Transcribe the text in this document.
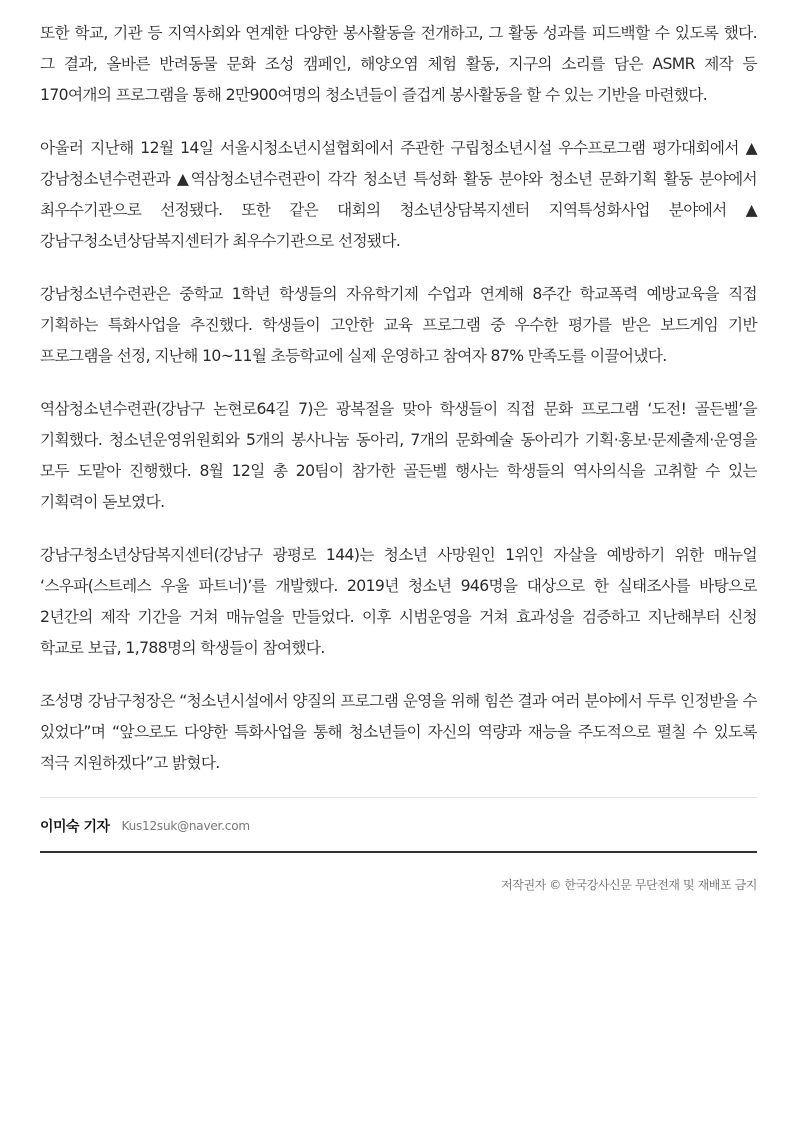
또한 학교, 기관 등 지역사회와 연계한 다양한 봉사활동을 전개하고, 그 활동 성과를 피드백할 수 있도록 했다. 그 결과, 올바른 반려동물 문화 조성 캠페인, 해양오염 체험 활동, 지구의 소리를 담은 ASMR 제작 등 170여개의 프로그램을 통해 2만900여명의 청소년들이 즐겁게 봉사활동을 할 수 있는 기반을 마련했다.

아울러 지난해 12월 14일 서울시청소년시설협회에서 주관한 구립청소년시설 우수프로그램 평가대회에서 ▲강남청소년수련관과 ▲역삼청소년수련관이 각각 청소년 특성화 활동 분야와 청소년 문화기획 활동 분야에서 최우수기관으로 선정됐다. 또한 같은 대회의 청소년상담복지센터 지역특성화사업 분야에서 ▲강남구청소년상담복지센터가 최우수기관으로 선정됐다.

강남청소년수련관은 중학교 1학년 학생들의 자유학기제 수업과 연계해 8주간 학교폭력 예방교육을 직접 기획하는 특화사업을 추진했다. 학생들이 고안한 교육 프로그램 중 우수한 평가를 받은 보드게임 기반 프로그램을 선정, 지난해 10~11월 초등학교에 실제 운영하고 참여자 87% 만족도를 이끌어냈다.

역삼청소년수련관(강남구 논현로64길 7)은 광복절을 맞아 학생들이 직접 문화 프로그램 ‘도전! 골든벨’을 기획했다. 청소년운영위원회와 5개의 봉사나눔 동아리, 7개의 문화예술 동아리가 기획·홍보·문제출제·운영을 모두 도맡아 진행했다. 8월 12일 총 20팀이 참가한 골든벨 행사는 학생들의 역사의식을 고취할 수 있는 기획력이 돋보였다.

강남구청소년상담복지센터(강남구 광평로 144)는 청소년 사망원인 1위인 자살을 예방하기 위한 매뉴얼 ‘스우파(스트레스 우울 파트너)’를 개발했다. 2019년 청소년 946명을 대상으로 한 실태조사를 바탕으로 2년간의 제작 기간을 거쳐 매뉴얼을 만들었다. 이후 시범운영을 거쳐 효과성을 검증하고 지난해부터 신청 학교로 보급, 1,788명의 학생들이 참여했다.

조성명 강남구청장은 “청소년시설에서 양질의 프로그램 운영을 위해 힘쓴 결과 여러 분야에서 두루 인정받을 수 있었다”며 “앞으로도 다양한 특화사업을 통해 청소년들이 자신의 역량과 재능을 주도적으로 펼칠 수 있도록 적극 지원하겠다”고 밝혔다.

이미숙 기자 Kus12suk@naver.com
저작권자 © 한국강사신문 무단전재 및 재배포 금지
